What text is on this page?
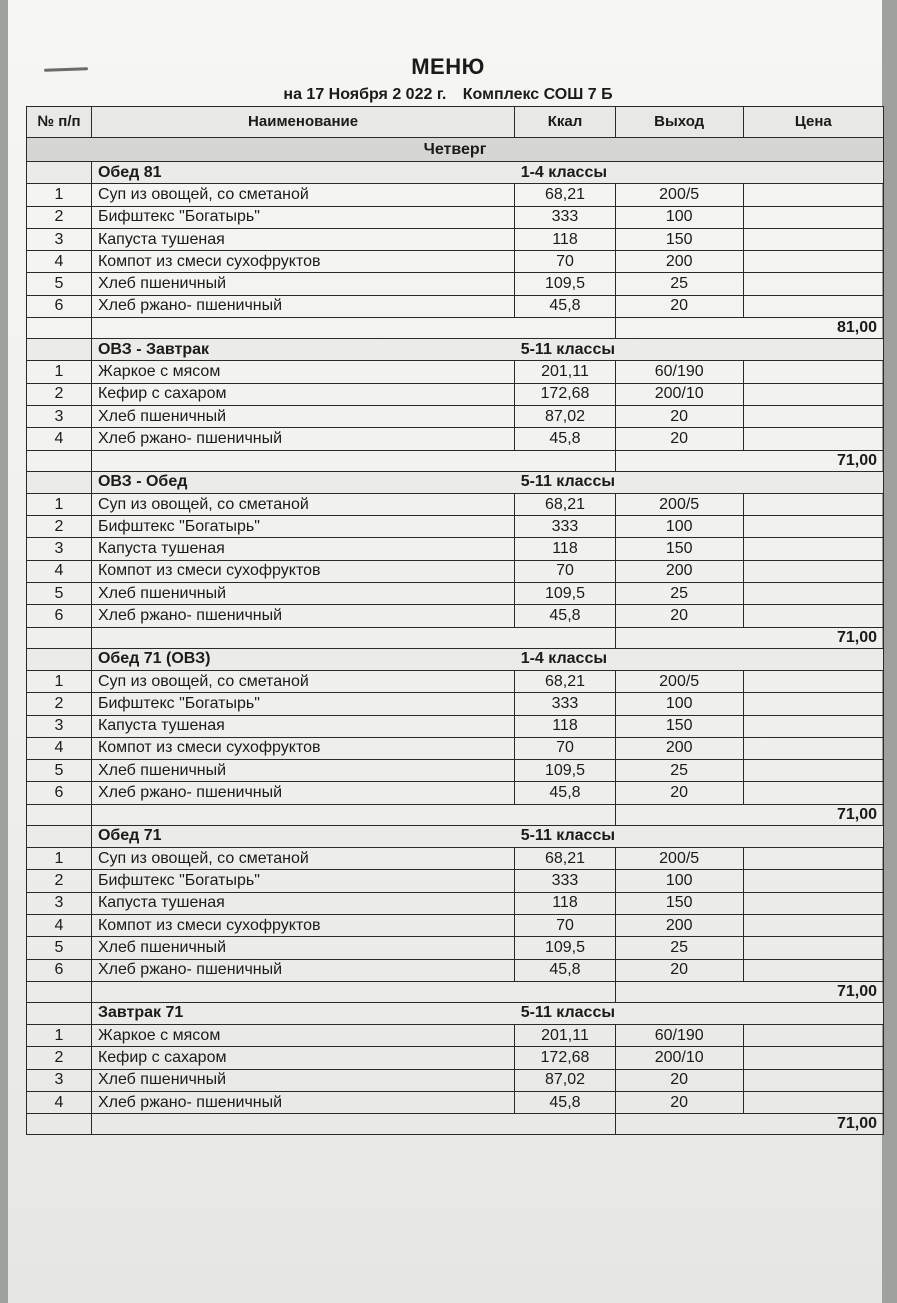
МЕНЮ
на 17 Ноября 2 022 г. Комплекс СОШ 7 Б
№ п/п	Наименование	Ккал	Выход	Цена
Четверг				
	Обед 81	1-4 классы		
1	Суп из овощей, со сметаной	68,21	200/5	
2	Бифштекс "Богатырь"	333	100	
3	Капуста тушеная	118	150	
4	Компот из смеси сухофруктов	70	200	
5	Хлеб пшеничный	109,5	25	
6	Хлеб ржано- пшеничный	45,8	20	
			81,00	
	ОВЗ - Завтрак	5-11 классы		
1	Жаркое с мясом	201,11	60/190	
2	Кефир с сахаром	172,68	200/10	
3	Хлеб пшеничный	87,02	20	
4	Хлеб ржано- пшеничный	45,8	20	
			71,00	
	ОВЗ - Обед	5-11 классы		
1	Суп из овощей, со сметаной	68,21	200/5	
2	Бифштекс "Богатырь"	333	100	
3	Капуста тушеная	118	150	
4	Компот из смеси сухофруктов	70	200	
5	Хлеб пшеничный	109,5	25	
6	Хлеб ржано- пшеничный	45,8	20	
			71,00	
	Обед 71 (ОВЗ)	1-4 классы		
1	Суп из овощей, со сметаной	68,21	200/5	
2	Бифштекс "Богатырь"	333	100	
3	Капуста тушеная	118	150	
4	Компот из смеси сухофруктов	70	200	
5	Хлеб пшеничный	109,5	25	
6	Хлеб ржано- пшеничный	45,8	20	
			71,00	
	Обед 71	5-11 классы		
1	Суп из овощей, со сметаной	68,21	200/5	
2	Бифштекс "Богатырь"	333	100	
3	Капуста тушеная	118	150	
4	Компот из смеси сухофруктов	70	200	
5	Хлеб пшеничный	109,5	25	
6	Хлеб ржано- пшеничный	45,8	20	
			71,00	
	Завтрак 71	5-11 классы		
1	Жаркое с мясом	201,11	60/190	
2	Кефир с сахаром	172,68	200/10	
3	Хлеб пшеничный	87,02	20	
4	Хлеб ржано- пшеничный	45,8	20	
			71,00	
